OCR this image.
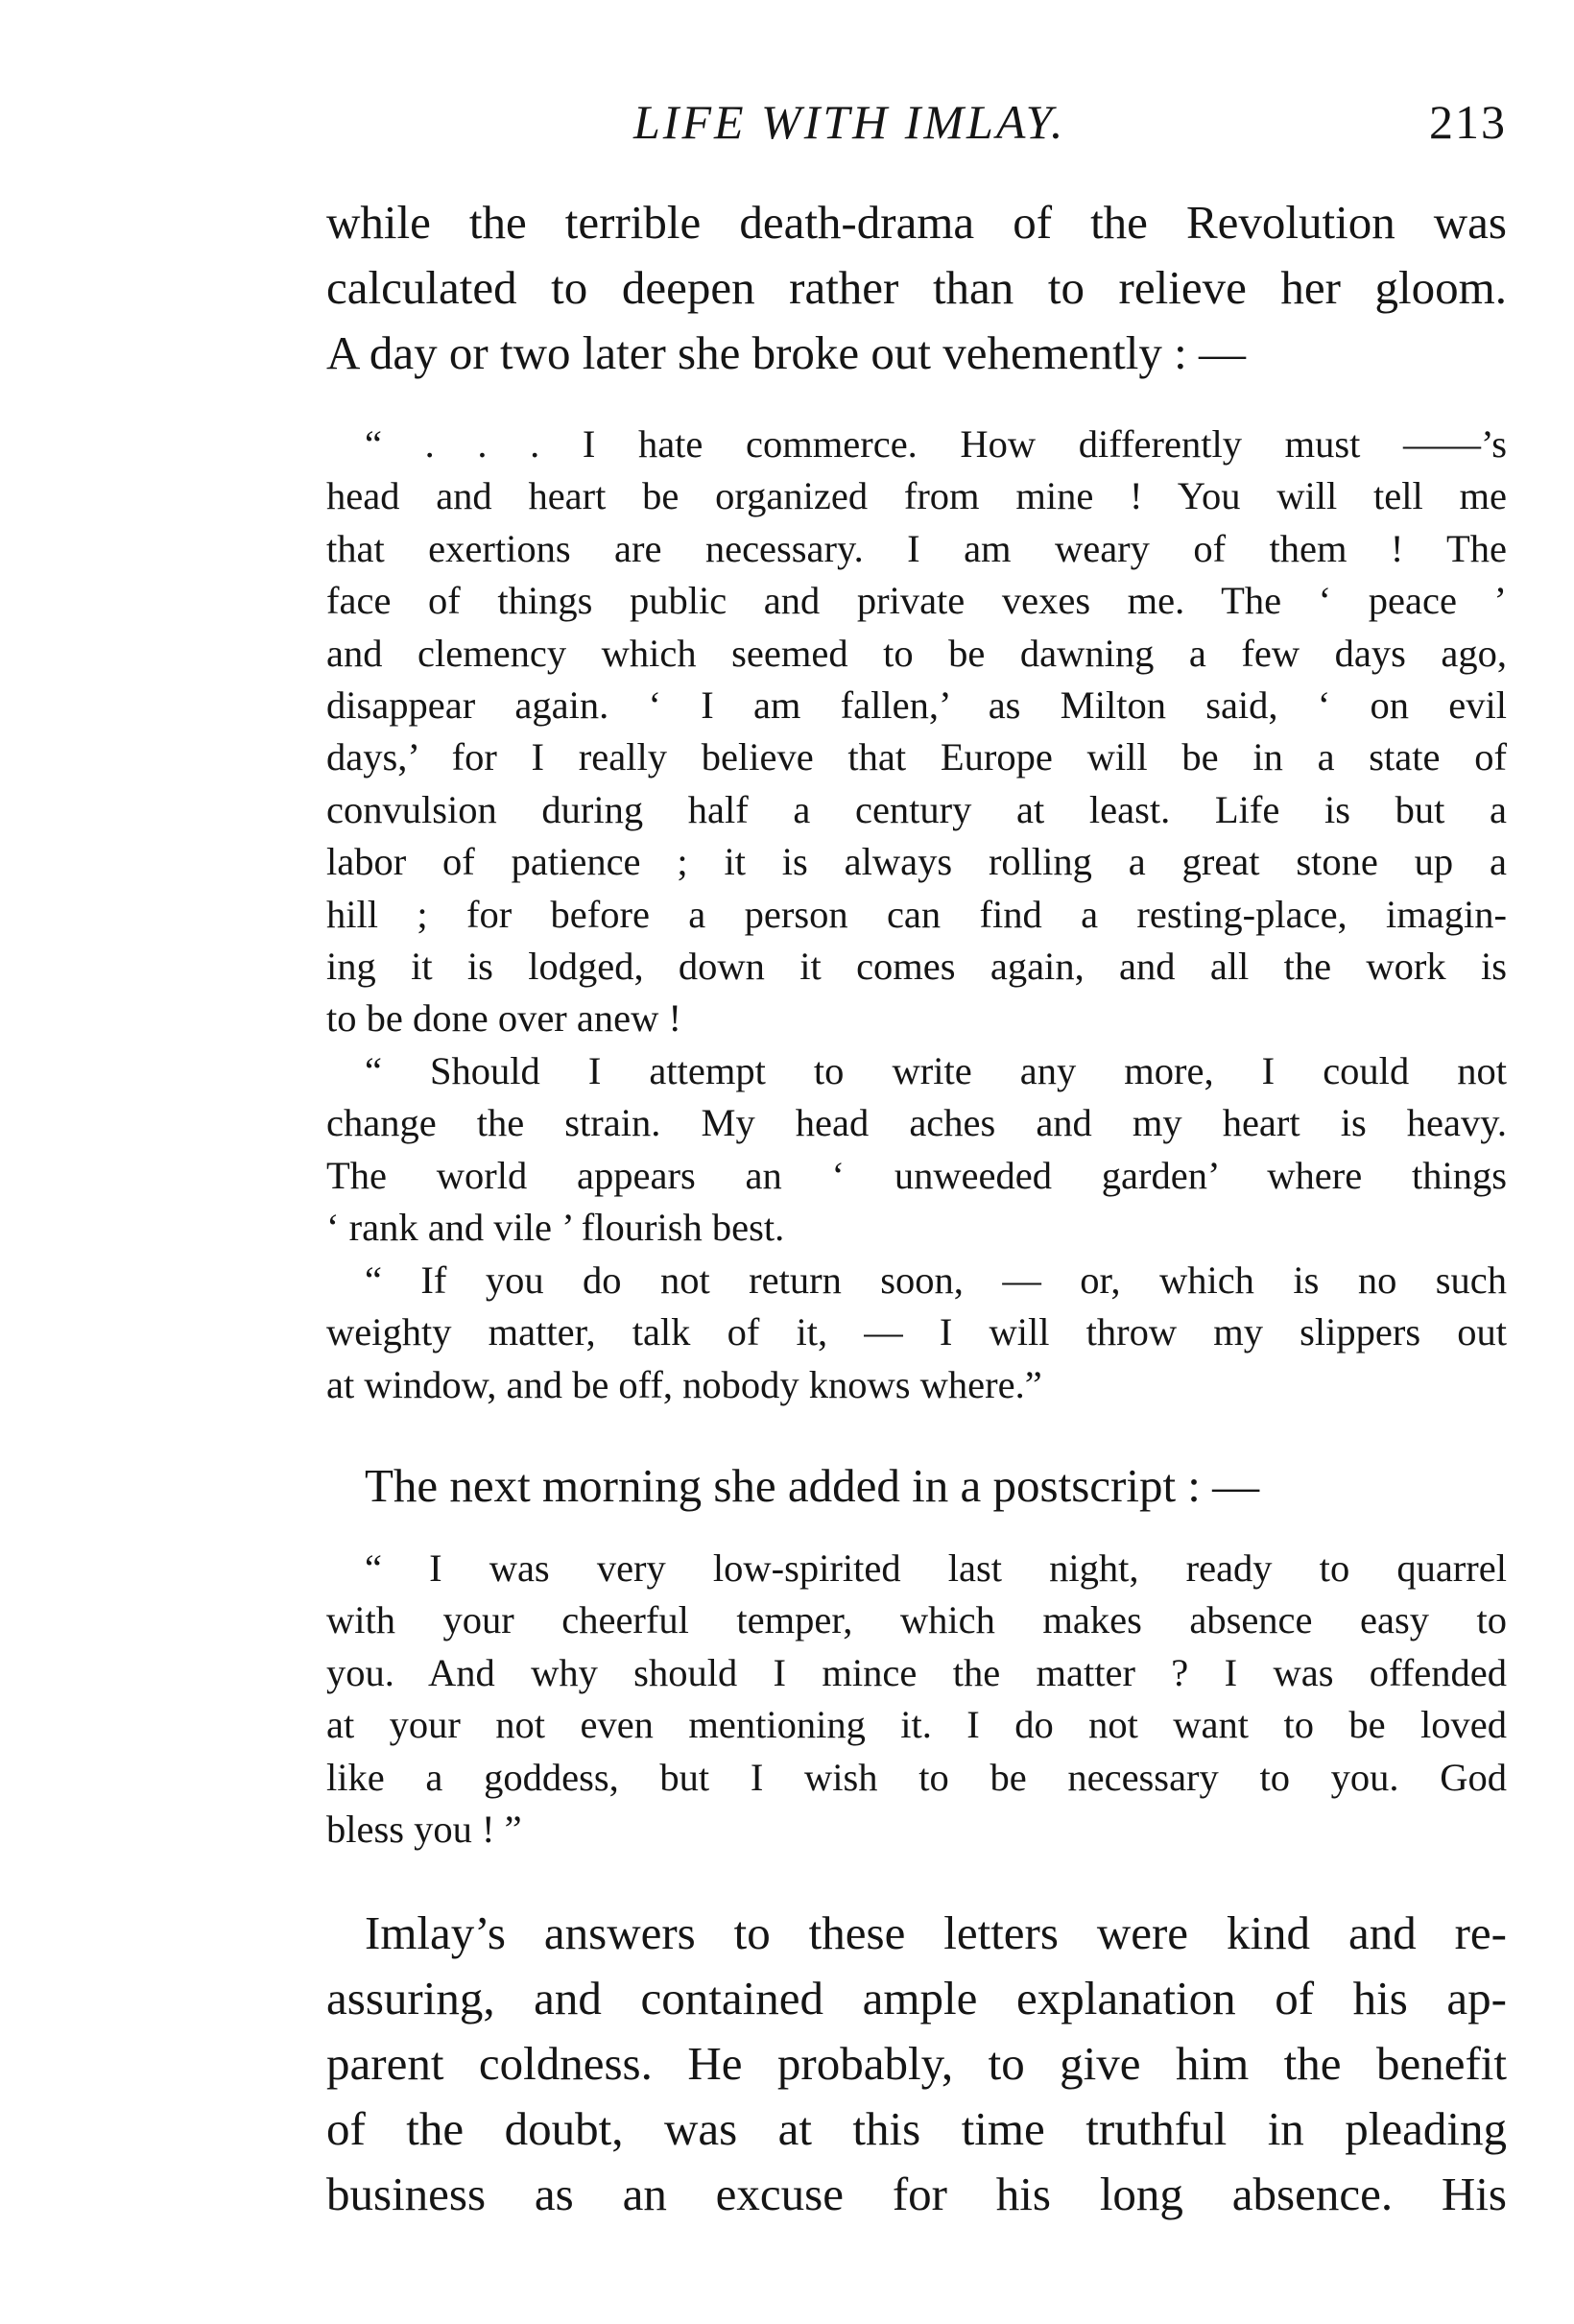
LIFE WITH IMLAY.	213
while the terrible death-drama of the Revolution was
calculated to deepen rather than to relieve her gloom.
A day or two later she broke out vehemently : —
“ . . . I hate commerce. How differently must ——’s
head and heart be organized from mine ! You will tell me
that exertions are necessary. I am weary of them ! The
face of things public and private vexes me. The ‘ peace ’
and clemency which seemed to be dawning a few days ago,
disappear again. ‘ I am fallen,’ as Milton said, ‘ on evil
days,’ for I really believe that Europe will be in a state of
convulsion during half a century at least. Life is but a
labor of patience ; it is always rolling a great stone up a
hill ; for before a person can find a resting-place, imagin-
ing it is lodged, down it comes again, and all the work is
to be done over anew !
“ Should I attempt to write any more, I could not
change the strain. My head aches and my heart is heavy.
The world appears an ‘ unweeded garden’ where things
‘ rank and vile ’ flourish best.
“ If you do not return soon, — or, which is no such
weighty matter, talk of it, — I will throw my slippers out
at window, and be off, nobody knows where.”
The next morning she added in a postscript : —
“ I was very low-spirited last night, ready to quarrel
with your cheerful temper, which makes absence easy to
you. And why should I mince the matter ? I was offended
at your not even mentioning it. I do not want to be loved
like a goddess, but I wish to be necessary to you. God
bless you ! ”
Imlay’s answers to these letters were kind and re-
assuring, and contained ample explanation of his ap-
parent coldness. He probably, to give him the benefit
of the doubt, was at this time truthful in pleading
business as an excuse for his long absence. His
